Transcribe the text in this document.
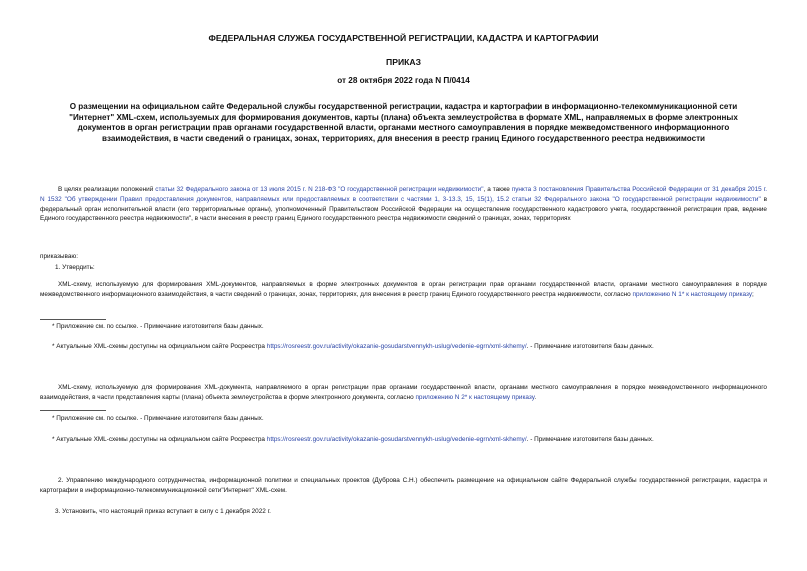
ФЕДЕРАЛЬНАЯ СЛУЖБА ГОСУДАРСТВЕННОЙ РЕГИСТРАЦИИ, КАДАСТРА И КАРТОГРАФИИ
ПРИКАЗ
от 28 октября 2022 года N П/0414
О размещении на официальном сайте Федеральной службы государственной регистрации, кадастра и картографии в информационно-телекоммуникационной сети "Интернет" XML-схем, используемых для формирования документов, карты (плана) объекта землеустройства в формате XML, направляемых в форме электронных документов в орган регистрации прав органами государственной власти, органами местного самоуправления в порядке межведомственного информационного взаимодействия, в части сведений о границах, зонах, территориях, для внесения в реестр границ Единого государственного реестра недвижимости
В целях реализации положений статьи 32 Федерального закона от 13 июля 2015 г. N 218-ФЗ "О государственной регистрации недвижимости", а также пункта 3 постановления Правительства Российской Федерации от 31 декабря 2015 г. N 1532 "Об утверждении Правил предоставления документов, направляемых или предоставляемых в соответствии с частями 1, 3-13.3, 15, 15(1), 15.2 статьи 32 Федерального закона "О государственной регистрации недвижимости" в федеральный орган исполнительной власти (его территориальные органы), уполномоченный Правительством Российской Федерации на осуществление государственного кадастрового учета, государственной регистрации прав, ведение Единого государственного реестра недвижимости", в части внесения в реестр границ Единого государственного реестра недвижимости сведений о границах, зонах, территориях
приказываю:
1. Утвердить:
XML-схему, используемую для формирования XML-документов, направляемых в форме электронных документов в орган регистрации прав органами государственной власти, органами местного самоуправления в порядке межведомственного информационного взаимодействия, в части сведений о границах, зонах, территориях, для внесения в реестр границ Единого государственного реестра недвижимости, согласно приложению N 1* к настоящему приказу;
* Приложение см. по ссылке. - Примечание изготовителя базы данных.
* Актуальные XML-схемы доступны на официальном сайте Росреестра https://rosreestr.gov.ru/activity/okazanie-gosudarstvennykh-uslug/vedenie-egrn/xml-skhemy/. - Примечание изготовителя базы данных.
XML-схему, используемую для формирования XML-документа, направляемого в орган регистрации прав органами государственной власти, органами местного самоуправления в порядке межведомственного информационного взаимодействия, в части представления карты (плана) объекта землеустройства в форме электронного документа, согласно приложению N 2* к настоящему приказу.
* Приложение см. по ссылке. - Примечание изготовителя базы данных.
* Актуальные XML-схемы доступны на официальном сайте Росреестра https://rosreestr.gov.ru/activity/okazanie-gosudarstvennykh-uslug/vedenie-egrn/xml-skhemy/. - Примечание изготовителя базы данных.
2. Управлению международного сотрудничества, информационной политики и специальных проектов (Дуброва С.Н.) обеспечить размещение на официальном сайте Федеральной службы государственной регистрации, кадастра и картографии в информационно-телекоммуникационной сети"Интернет" XML-схем.
3. Установить, что настоящий приказ вступает в силу с 1 декабря 2022 г.
